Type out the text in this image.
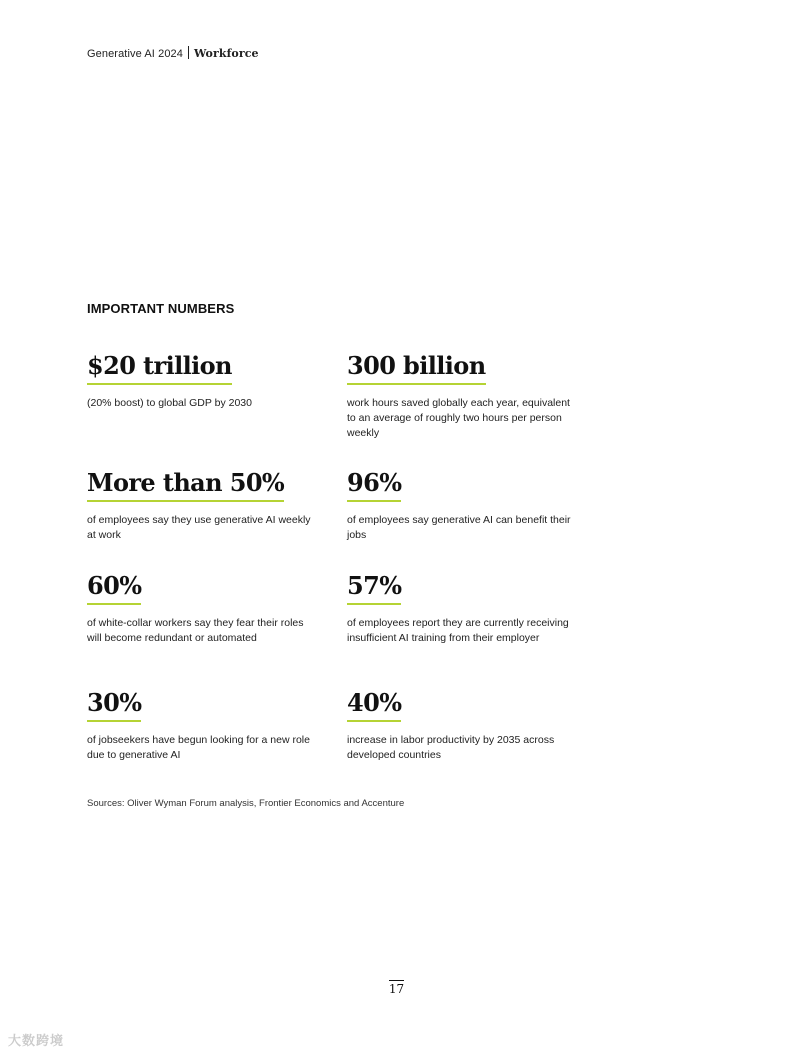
Generative AI 2024 Workforce
IMPORTANT NUMBERS
$20 trillion
(20% boost) to global GDP by 2030
300 billion
work hours saved globally each year, equivalent to an average of roughly two hours per person weekly
More than 50%
of employees say they use generative AI weekly at work
96%
of employees say generative AI can benefit their jobs
60%
of white-collar workers say they fear their roles will become redundant or automated
57%
of employees report they are currently receiving insufficient AI training from their employer
30%
of jobseekers have begun looking for a new role due to generative AI
40%
increase in labor productivity by 2035 across developed countries
Sources: Oliver Wyman Forum analysis, Frontier Economics and Accenture
17
大数跨境
